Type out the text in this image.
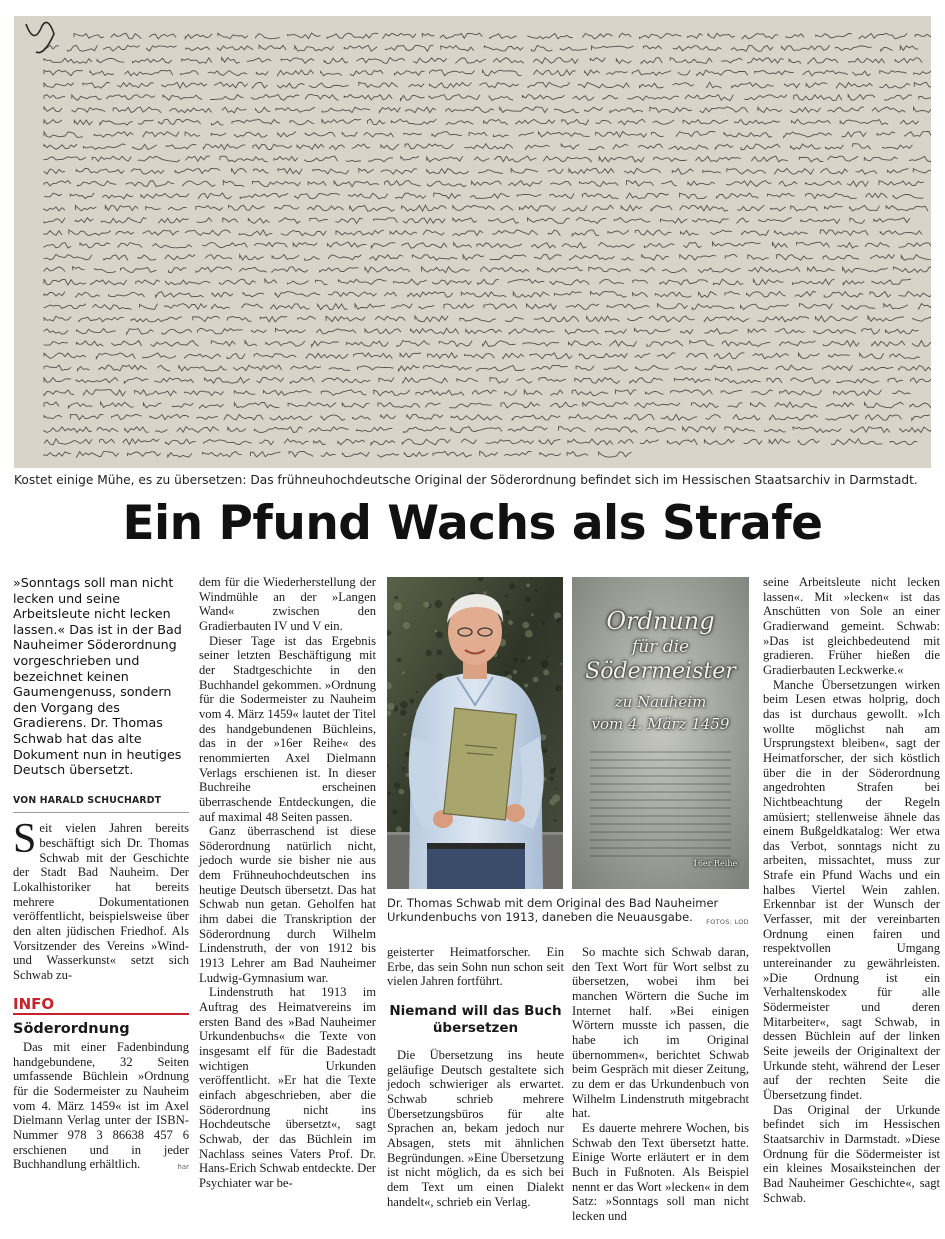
Kostet einige Mühe, es zu übersetzen: Das frühneuhochdeutsche Original der Söderordnung befindet sich im Hessischen Staatsarchiv in Darmstadt.
Ein Pfund Wachs als Strafe
»Sonntags soll man nicht lecken und seine Arbeitsleute nicht lecken lassen.« Das ist in der Bad Nauheimer Söderordnung vorgeschrieben und bezeichnet keinen Gaumengenuss, sondern den Vorgang des Gradierens. Dr. Thomas Schwab hat das alte Dokument nun in heutiges Deutsch übersetzt.
VON HARALD SCHUCHARDT

Seit vielen Jahren bereits beschäftigt sich Dr. Thomas Schwab mit der Geschichte der Stadt Bad Nauheim. Der Lokalhistoriker hat bereits mehrere Dokumentationen veröffentlicht, beispielsweise über den alten jüdischen Friedhof. Als Vorsitzender des Vereins »Wind- und Wasserkunst« setzt sich Schwab zu-

INFO
Söderordnung

Das mit einer Fadenbindung handgebundene, 32 Seiten umfassende Büchlein »Ordnung für die Sodermeister zu Nauheim vom 4. März 1459« ist im Axel Dielmann Verlag unter der ISBN-Nummer 978 3 86638 457 6 erschienen und in jeder Buchhandlung erhältlich.	har

dem für die Wiederherstellung der Windmühle an der »Langen Wand« zwischen den Gradierbauten IV und V ein.

Dieser Tage ist das Ergebnis seiner letzten Beschäftigung mit der Stadtgeschichte in den Buchhandel gekommen. »Ordnung für die Sodermeister zu Nauheim vom 4. März 1459« lautet der Titel des handgebundenen Büchleins, das in der »16er Reihe« des renommierten Axel Dielmann Verlags erschienen ist. In dieser Buchreihe erscheinen überraschende Entdeckungen, die auf maximal 48 Seiten passen.

Ganz überraschend ist diese Söderordnung natürlich nicht, jedoch wurde sie bisher nie aus dem Frühneuhochdeutschen ins heutige Deutsch übersetzt. Das hat Schwab nun getan. Geholfen hat ihm dabei die Transkription der Söderordnung durch Wilhelm Lindenstruth, der von 1912 bis 1913 Lehrer am Bad Nauheimer Ludwig-Gymnasium war.

Lindenstruth hat 1913 im Auftrag des Heimatvereins im ersten Band des »Bad Nauheimer Urkundenbuchs« die Texte von insgesamt elf für die Badestadt wichtigen Urkunden veröffentlicht. »Er hat die Texte einfach abgeschrieben, aber die Söderordnung nicht ins Hochdeutsche übersetzt«, sagt Schwab, der das Büchlein im Nachlass seines Vaters Prof. Dr. Hans-Erich Schwab entdeckte. Der Psychiater war be-

Ordnung
für die
Södermeister
zu Nauheim
vom 4. März 1459
16er Reihe
Dr. Thomas Schwab mit dem Original des Bad Nauheimer Urkundenbuchs von 1913, daneben die Neuausgabe. FOTOS: LOD

geisterter Heimatforscher. Ein Erbe, das sein Sohn nun schon seit vielen Jahren fortführt.

Niemand will das Buch übersetzen

Die Übersetzung ins heute geläufige Deutsch gestaltete sich jedoch schwieriger als erwartet. Schwab schrieb mehrere Übersetzungsbüros für alte Sprachen an, bekam jedoch nur Absagen, stets mit ähnlichen Begründungen. »Eine Übersetzung ist nicht möglich, da es sich bei dem Text um einen Dialekt handelt«, schrieb ein Verlag.

So machte sich Schwab daran, den Text Wort für Wort selbst zu übersetzen, wobei ihm bei manchen Wörtern die Suche im Internet half. »Bei einigen Wörtern musste ich passen, die habe ich im Original übernommen«, berichtet Schwab beim Gespräch mit dieser Zeitung, zu dem er das Urkundenbuch von Wilhelm Lindenstruth mitgebracht hat.

Es dauerte mehrere Wochen, bis Schwab den Text übersetzt hatte. Einige Worte erläutert er in dem Buch in Fußnoten. Als Beispiel nennt er das Wort »lecken« in dem Satz: »Sonntags soll man nicht lecken und

seine Arbeitsleute nicht lecken lassen«. Mit »lecken« ist das Anschütten von Sole an einer Gradierwand gemeint. Schwab: »Das ist gleichbedeutend mit gradieren. Früher hießen die Gradierbauten Leckwerke.«

Manche Übersetzungen wirken beim Lesen etwas holprig, doch das ist durchaus gewollt. »Ich wollte möglichst nah am Ursprungstext bleiben«, sagt der Heimatforscher, der sich köstlich über die in der Söderordnung angedrohten Strafen bei Nichtbeachtung der Regeln amüsiert; stellenweise ähnele das einem Bußgeldkatalog: Wer etwa das Verbot, sonntags nicht zu arbeiten, missachtet, muss zur Strafe ein Pfund Wachs und ein halbes Viertel Wein zahlen. Erkennbar ist der Wunsch der Verfasser, mit der vereinbarten Ordnung einen fairen und respektvollen Umgang untereinander zu gewährleisten. »Die Ordnung ist ein Verhaltenskodex für alle Södermeister und deren Mitarbeiter«, sagt Schwab, in dessen Büchlein auf der linken Seite jeweils der Originaltext der Urkunde steht, während der Leser auf der rechten Seite die Übersetzung findet.

Das Original der Urkunde befindet sich im Hessischen Staatsarchiv in Darmstadt. »Diese Ordnung für die Södermeister ist ein kleines Mosaiksteinchen der Bad Nauheimer Geschichte«, sagt Schwab.
